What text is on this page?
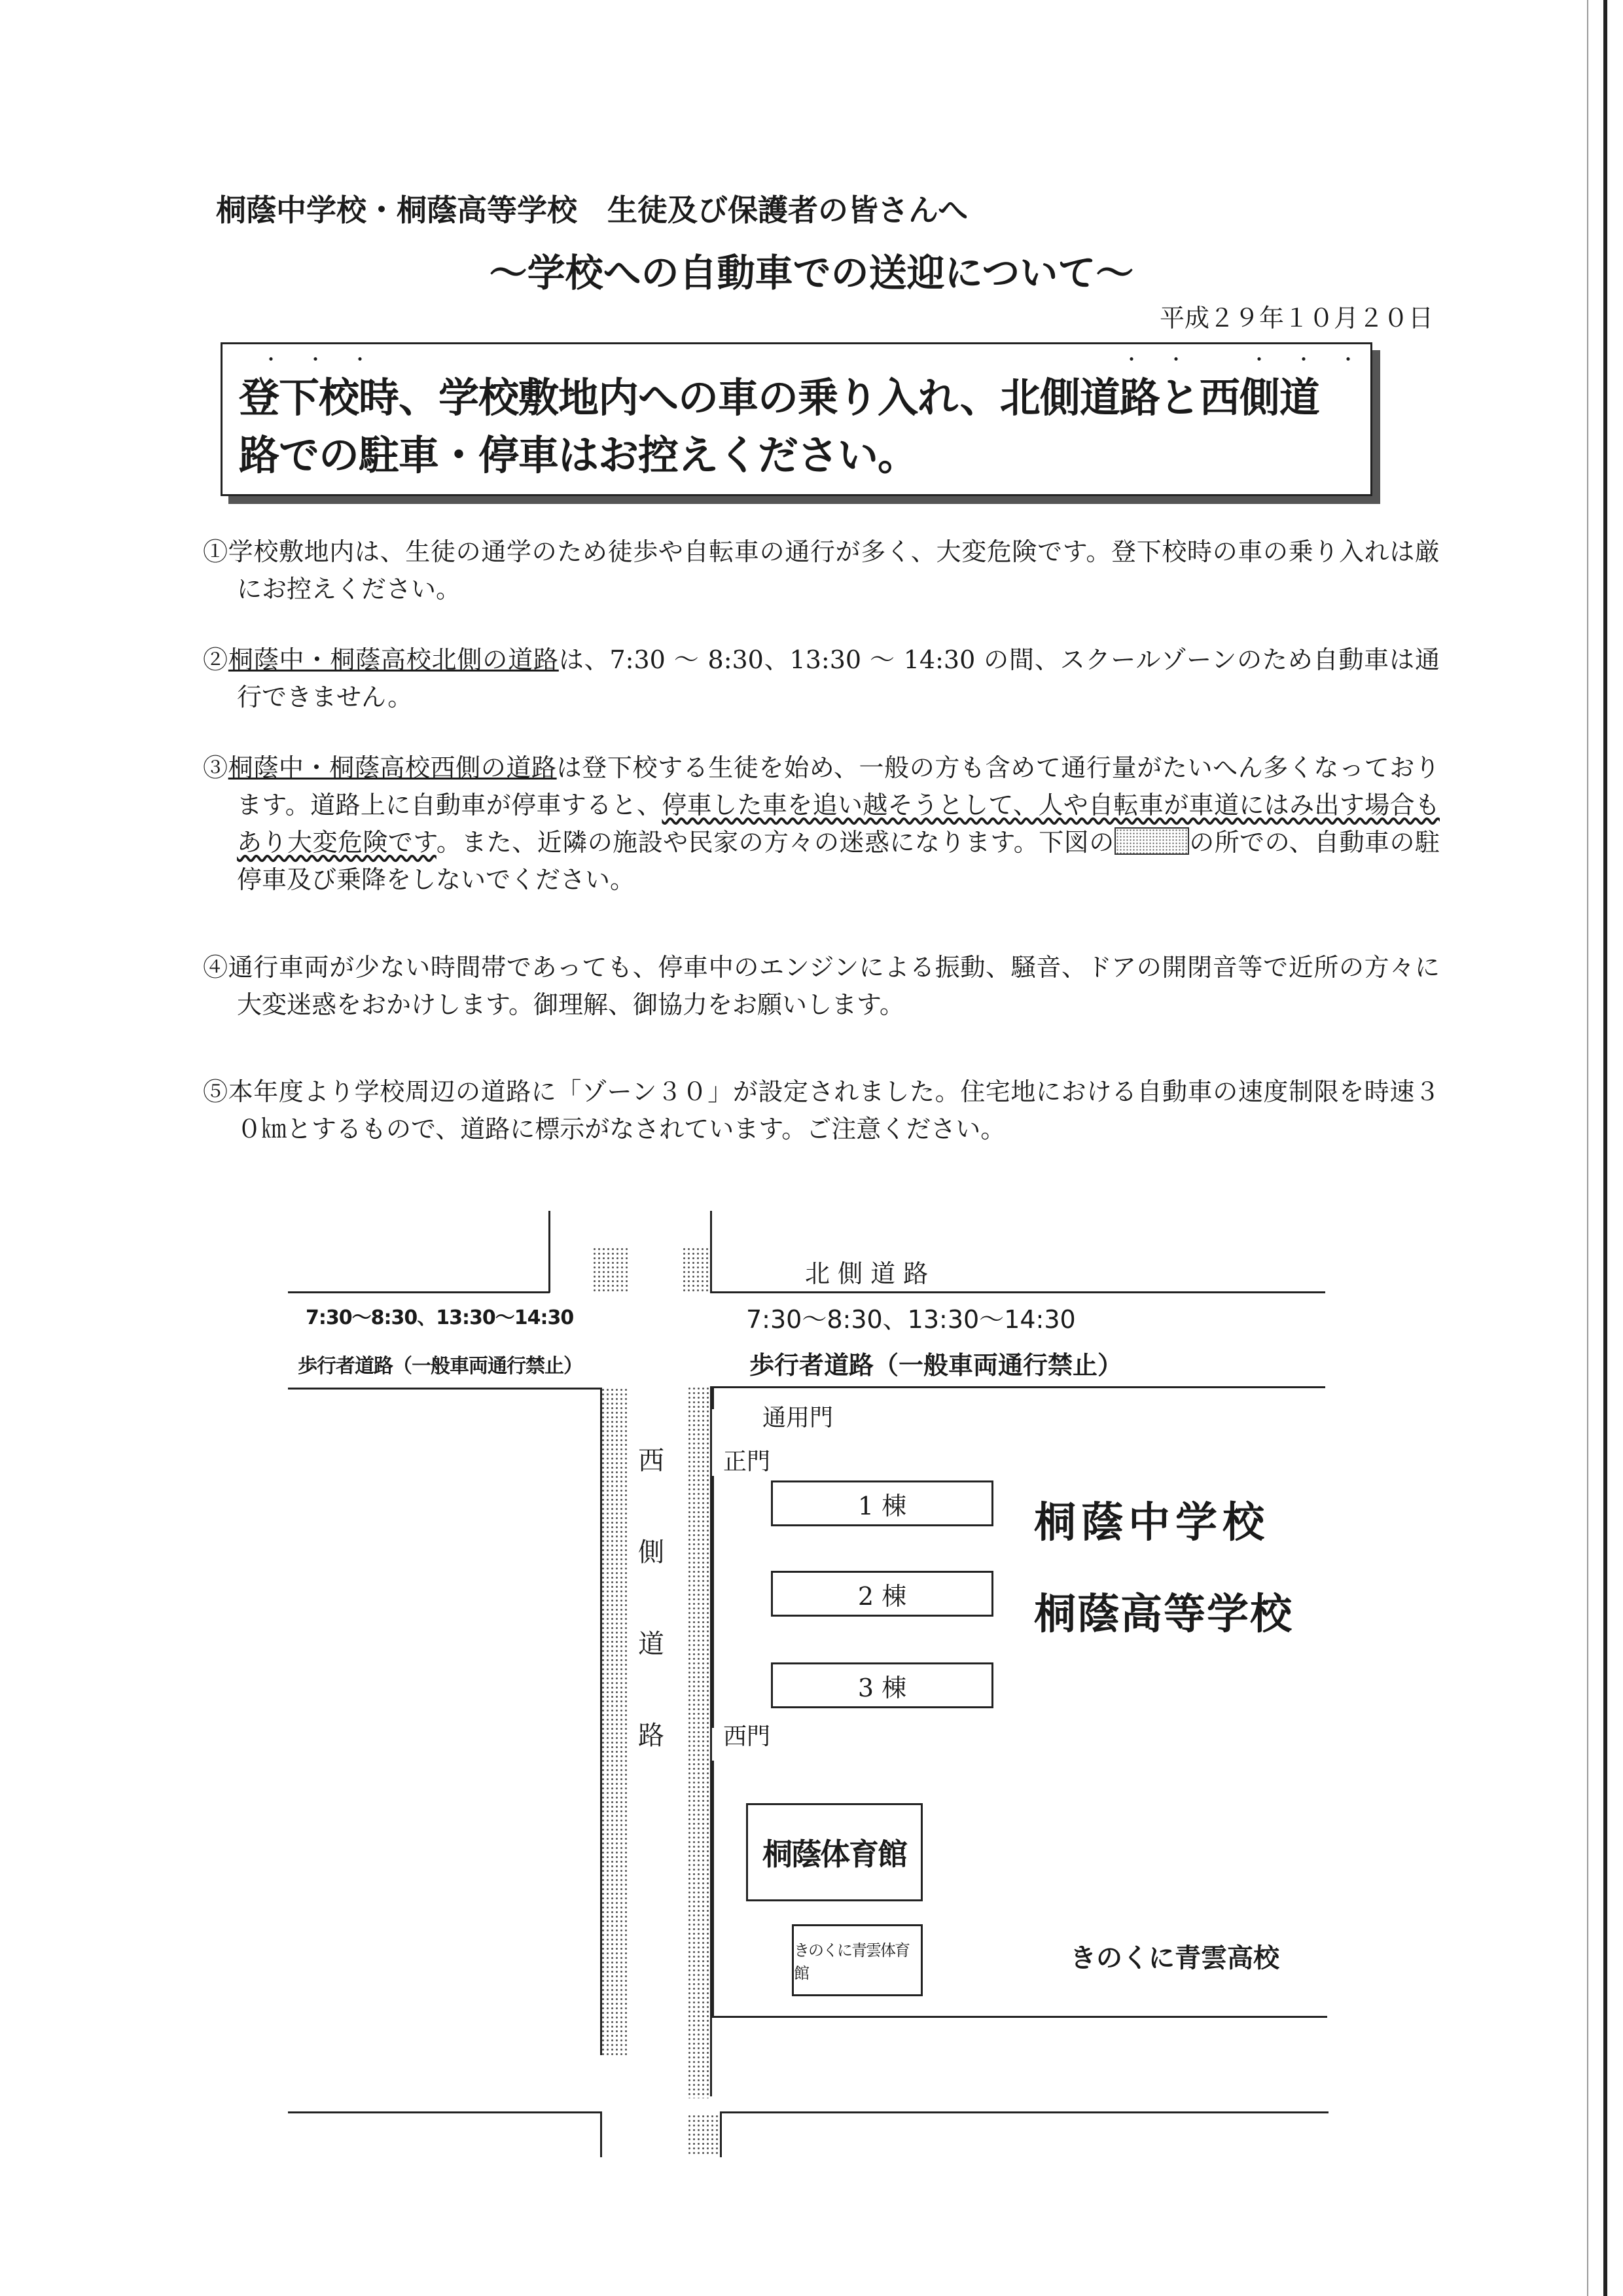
桐蔭中学校・桐蔭高等学校　生徒及び保護者の皆さんへ
～学校への自動車での送迎について～
平成２９年１０月２０日
・・・	・・ ・・・
登下校時、学校敷地内への車の乗り入れ、北側道路と西側道
路での駐車・停車はお控えください。
①学校敷地内は、生徒の通学のため徒歩や自転車の通行が多く、大変危険です。登下校時の車の乗り入れは厳にお控えください。
②桐蔭中・桐蔭高校北側の道路は、7:30 ～ 8:30、13:30 ～ 14:30 の間、スクールゾーンのため自動車は通行できません。
③桐蔭中・桐蔭高校西側の道路は登下校する生徒を始め、一般の方も含めて通行量がたいへん多くなっております。道路上に自動車が停車すると、停車した車を追い越そうとして、人や自転車が車道にはみ出す場合もあり大変危険です。また、近隣の施設や民家の方々の迷惑になります。下図の	の所での、自動車の駐停車及び乗降をしないでください。
④通行車両が少ない時間帯であっても、停車中のエンジンによる振動、騒音、ドアの開閉音等で近所の方々に大変迷惑をおかけします。御理解、御協力をお願いします。
⑤本年度より学校周辺の道路に「ゾーン３０」が設定されました。住宅地における自動車の速度制限を時速３０㎞とするもので、道路に標示がなされています。ご注意ください。
北 側 道 路
7:30～8:30、13:30～14:30
歩行者道路（一般車両通行禁止）
7:30～8:30、13:30～14:30
歩行者道路（一般車両通行禁止）
西
側
道
路
通用門
正門
西門
1 棟
2 棟
3 棟
桐蔭体育館
きのくに青雲体育館
桐蔭中学校
桐蔭高等学校
きのくに青雲高校
